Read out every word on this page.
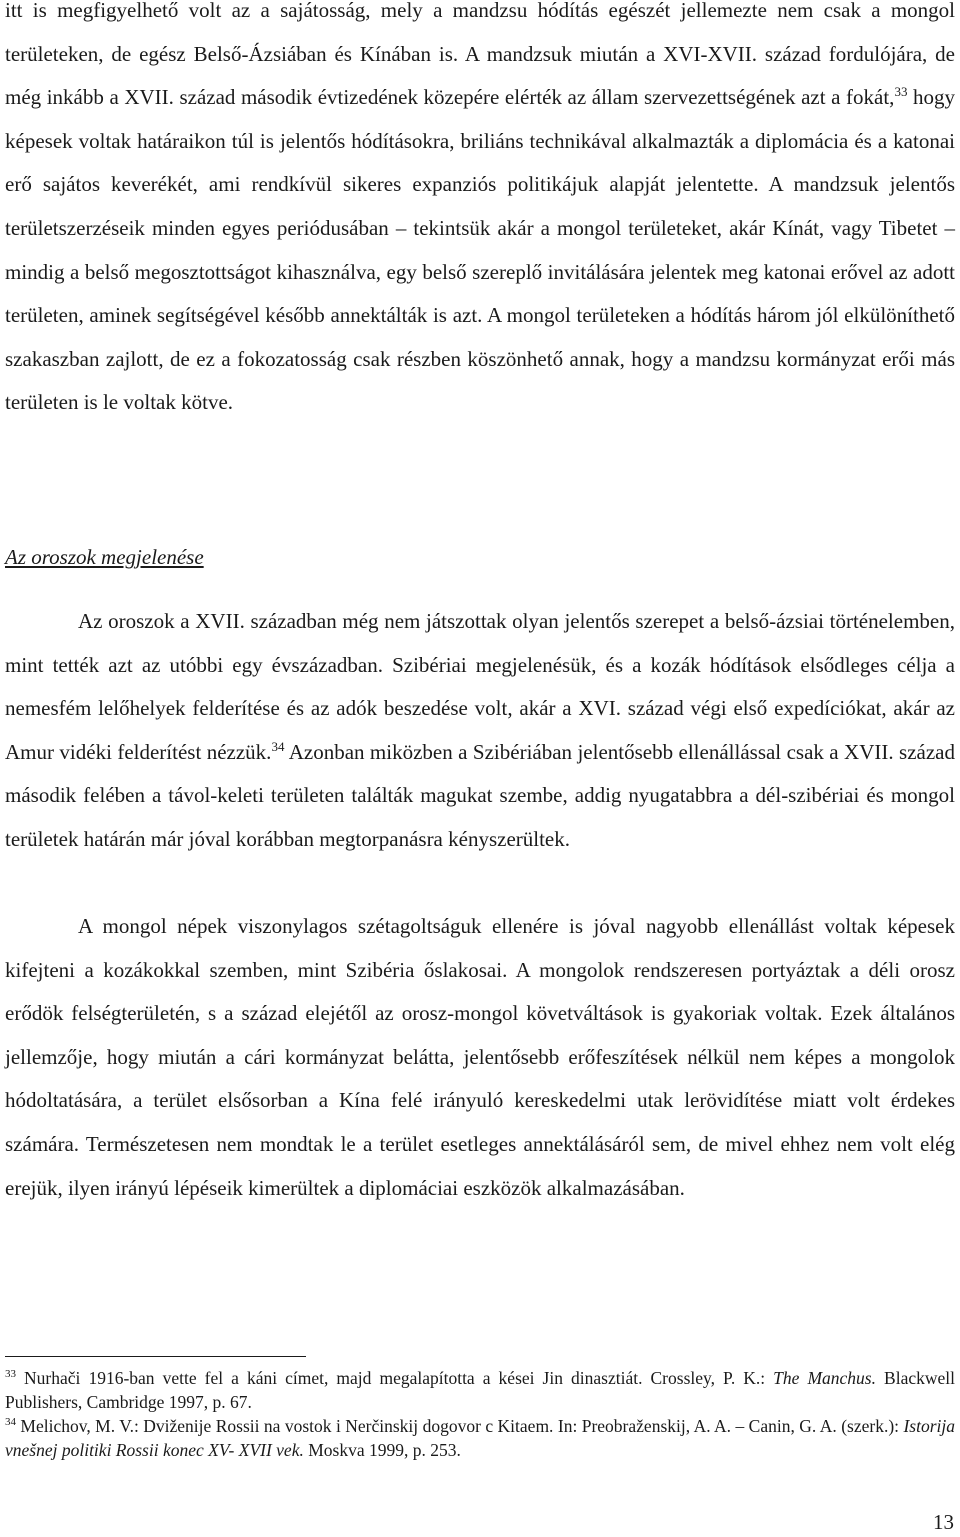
itt is megfigyelhető volt az a sajátosság, mely a mandzsu hódítás egészét jellemezte nem csak a mongol területeken, de egész Belső-Ázsiában és Kínában is. A mandzsuk miután a XVI-XVII. század fordulójára, de még inkább a XVII. század második évtizedének közepére elérték az állam szervezettségének azt a fokát,$^{33}$ hogy képesek voltak határaikon túl is jelentős hódításokra, briliáns technikával alkalmazták a diplomácia és a katonai erő sajátos keverékét, ami rendkívül sikeres expanziós politikájuk alapját jelentette. A mandzsuk jelentős területszerzéseik minden egyes periódusában – tekintsük akár a mongol területeket, akár Kínát, vagy Tibetet – mindig a belső megosztottságot kihasználva, egy belső szereplő invitálására jelentek meg katonai erővel az adott területen, aminek segítségével később annektálták is azt. A mongol területeken a hódítás három jól elkülöníthető szakaszban zajlott, de ez a fokozatosság csak részben köszönhető annak, hogy a mandzsu kormányzat erői más területen is le voltak kötve.

Az oroszok megjelenése

Az oroszok a XVII. században még nem játszottak olyan jelentős szerepet a belső-ázsiai történelemben, mint tették azt az utóbbi egy évszázadban. Szibériai megjelenésük, és a kozák hódítások elsődleges célja a nemesfém lelőhelyek felderítése és az adók beszedése volt, akár a XVI. század végi első expedíciókat, akár az Amur vidéki felderítést nézzük.$^{34}$ Azonban miközben a Szibériában jelentősebb ellenállással csak a XVII. század második felében a távol-keleti területen találták magukat szembe, addig nyugatabbra a dél-szibériai és mongol területek határán már jóval korábban megtorpanásra kényszerültek.

A mongol népek viszonylagos szétagoltságuk ellenére is jóval nagyobb ellenállást voltak képesek kifejteni a kozákokkal szemben, mint Szibéria őslakosai. A mongolok rendszeresen portyáztak a déli orosz erődök felségterületén, s a század elejétől az orosz-mongol követváltások is gyakoriak voltak. Ezek általános jellemzője, hogy miután a cári kormányzat belátta, jelentősebb erőfeszítések nélkül nem képes a mongolok hódoltatására, a terület elsősorban a Kína felé irányuló kereskedelmi utak lerövidítése miatt volt érdekes számára. Természetesen nem mondtak le a terület esetleges annektálásáról sem, de mivel ehhez nem volt elég erejük, ilyen irányú lépéseik kimerültek a diplomáciai eszközök alkalmazásában.

$^{33}$ Nurhači 1916-ban vette fel a káni címet, majd megalapította a kései Jin dinasztiát. Crossley, P. K.: The Manchus. Blackwell Publishers, Cambridge 1997, p. 67.
$^{34}$ Melichov, M. V.: Dviženije Rossii na vostok i Nerčinskij dogovor c Kitaem. In: Preobraženskij, A. A. – Canin, G. A. (szerk.): Istorija vnešnej politiki Rossii konec XV- XVII vek. Moskva 1999, p. 253.
13
